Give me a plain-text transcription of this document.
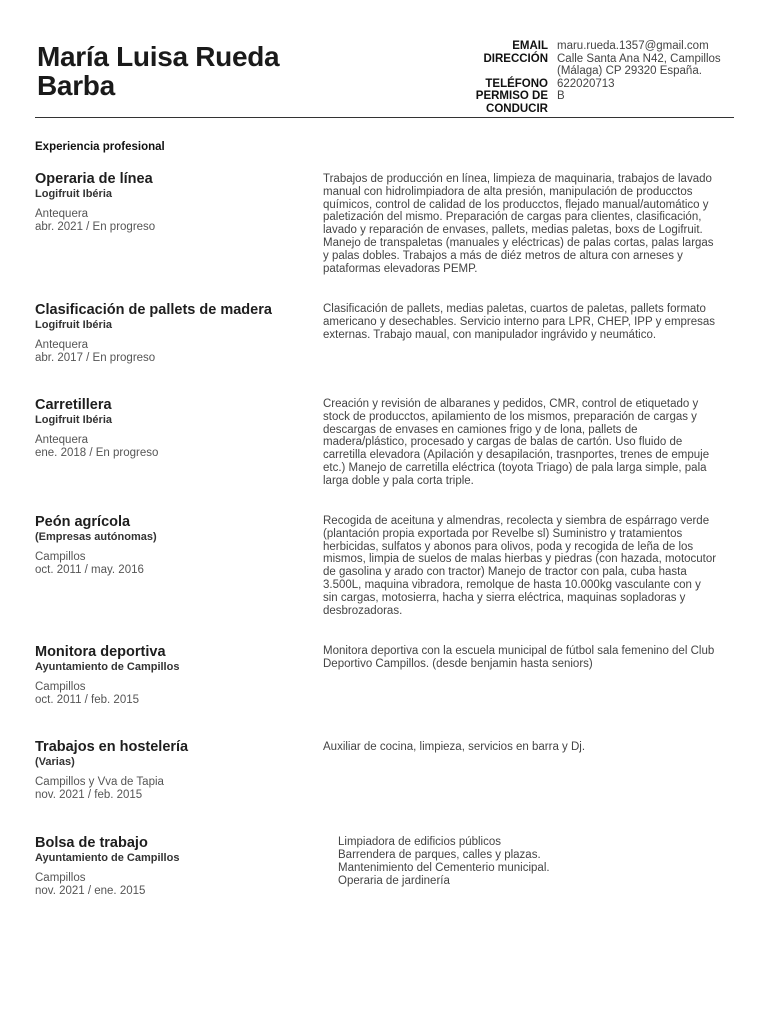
María Luisa Rueda Barba
EMAIL maru.rueda.1357@gmail.com
DIRECCIÓN Calle Santa Ana N42, Campillos (Málaga) CP 29320 España.
TELÉFONO 622020713
PERMISO DE CONDUCIR
B
Experiencia profesional
Operaria de línea
Logifruit Ibéria
Antequera
abr. 2021 / En progreso
Trabajos de producción en línea, limpieza de maquinaria, trabajos de lavado manual con hidrolimpiadora de alta presión, manipulación de producctos químicos, control de calidad de los producctos, flejado manual/automático y paletización del mismo. Preparación de cargas para clientes, clasificación, lavado y reparación de envases, pallets, medias paletas, boxs de Logifruit. Manejo de transpaletas (manuales y eléctricas) de palas cortas, palas largas y palas dobles. Trabajos a más de diéz metros de altura con arneses y pataformas elevadoras PEMP.
Clasificación de pallets de madera
Logifruit Ibéria
Antequera
abr. 2017 / En progreso
Clasificación de pallets, medias paletas, cuartos de paletas, pallets formato americano y desechables. Servicio interno para LPR, CHEP, IPP y empresas externas. Trabajo maual, con manipulador ingrávido y neumático.
Carretillera
Logifruit Ibéria
Antequera
ene. 2018 / En progreso
Creación y revisión de albaranes y pedidos, CMR, control de etiquetado y stock de producctos, apilamiento de los mismos, preparación de cargas y descargas de envases en camiones frigo y de lona, pallets de madera/plástico, procesado y cargas de balas de cartón. Uso fluido de carretilla elevadora (Apilación y desapilación, trasnportes, trenes de empuje etc.) Manejo de carretilla eléctrica (toyota Triago) de pala larga simple, pala larga doble y pala corta triple.
Peón agrícola
(Empresas autónomas)
Campillos
oct. 2011 / may. 2016
Recogida de aceituna y almendras, recolecta y siembra de espárrago verde (plantación propia exportada por Revelbe sl) Suministro y tratamientos herbicidas, sulfatos y abonos para olivos, poda y recogida de leña de los mismos, limpia de suelos de malas hierbas y piedras (con hazada, motocutor de gasolina y arado con tractor) Manejo de tractor con pala, cuba hasta 3.500L, maquina vibradora, remolque de hasta 10.000kg vasculante con y sin cargas, motosierra, hacha y sierra eléctrica, maquinas sopladoras y desbrozadoras.
Monitora deportiva
Ayuntamiento de Campillos
Campillos
oct. 2011 / feb. 2015
Monitora deportiva con la escuela municipal de fútbol sala femenino del Club Deportivo Campillos. (desde benjamin hasta seniors)
Trabajos en hostelería
(Varias)
Campillos y Vva de Tapia
nov. 2021 / feb. 2015
Auxiliar de cocina, limpieza, servicios en barra y Dj.
Bolsa de trabajo
Ayuntamiento de Campillos
Campillos
nov. 2021 / ene. 2015
Limpiadora de edificios públicos
Barrendera de parques, calles y plazas.
Mantenimiento del Cementerio municipal.
Operaria de jardinería
